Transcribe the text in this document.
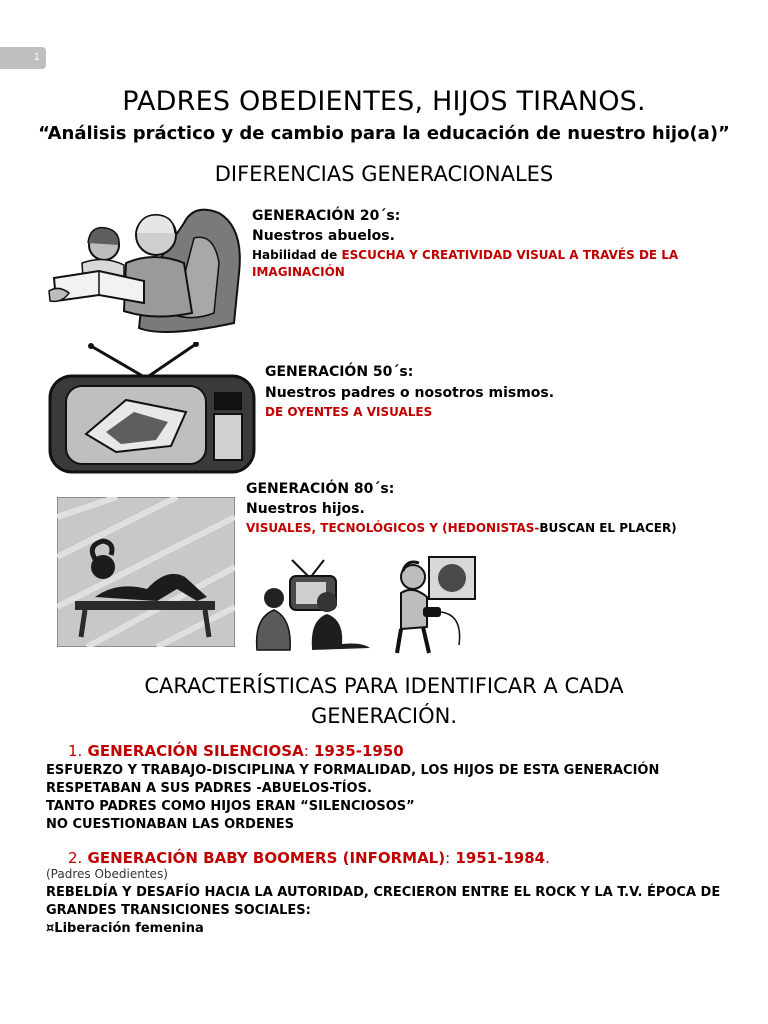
1
PADRES OBEDIENTES, HIJOS TIRANOS.
“Análisis práctico y de cambio para la educación de nuestro hijo(a)”
DIFERENCIAS GENERACIONALES
GENERACIÓN 20´s:
Nuestros abuelos.
Habilidad de ESCUCHA Y CREATIVIDAD VISUAL A TRAVÉS DE LA IMAGINACIÓN
GENERACIÓN 50´s:
Nuestros padres o nosotros mismos.
DE OYENTES A VISUALES
GENERACIÓN 80´s:
Nuestros hijos.
VISUALES, TECNOLÓGICOS Y (HEDONISTAS-BUSCAN EL PLACER)
CARACTERÍSTICAS PARA IDENTIFICAR A CADA
GENERACIÓN.
1. GENERACIÓN SILENCIOSA: 1935-1950
ESFUERZO Y TRABAJO-DISCIPLINA Y FORMALIDAD, LOS HIJOS DE ESTA GENERACIÓN
RESPETABAN A SUS PADRES -ABUELOS-TÍOS.
TANTO PADRES COMO HIJOS ERAN “SILENCIOSOS”
NO CUESTIONABAN LAS ORDENES
2. GENERACIÓN BABY BOOMERS (INFORMAL): 1951-1984.
(Padres Obedientes)
REBELDÍA Y DESAFÍO HACIA LA AUTORIDAD, CRECIERON ENTRE EL ROCK Y LA T.V. ÉPOCA DE
GRANDES TRANSICIONES SOCIALES:
¤Liberación femenina
